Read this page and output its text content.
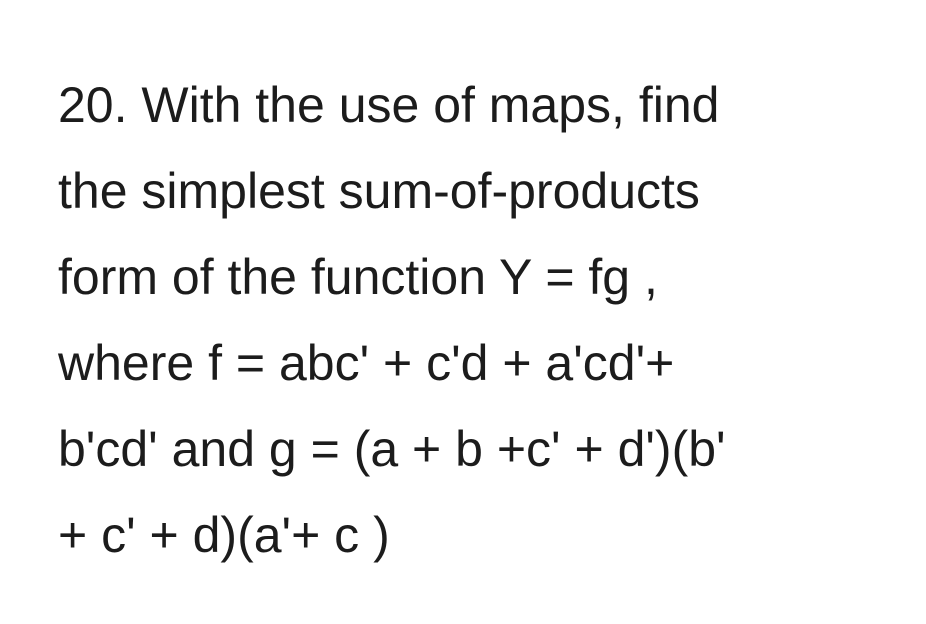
20. With the use of maps, find
the simplest sum-of-products
form of the function Y = fg ,
where f = abc' + c'd + a'cd'+
b'cd' and g = (a + b +c' + d')(b'
+ c' + d)(a'+ c )
